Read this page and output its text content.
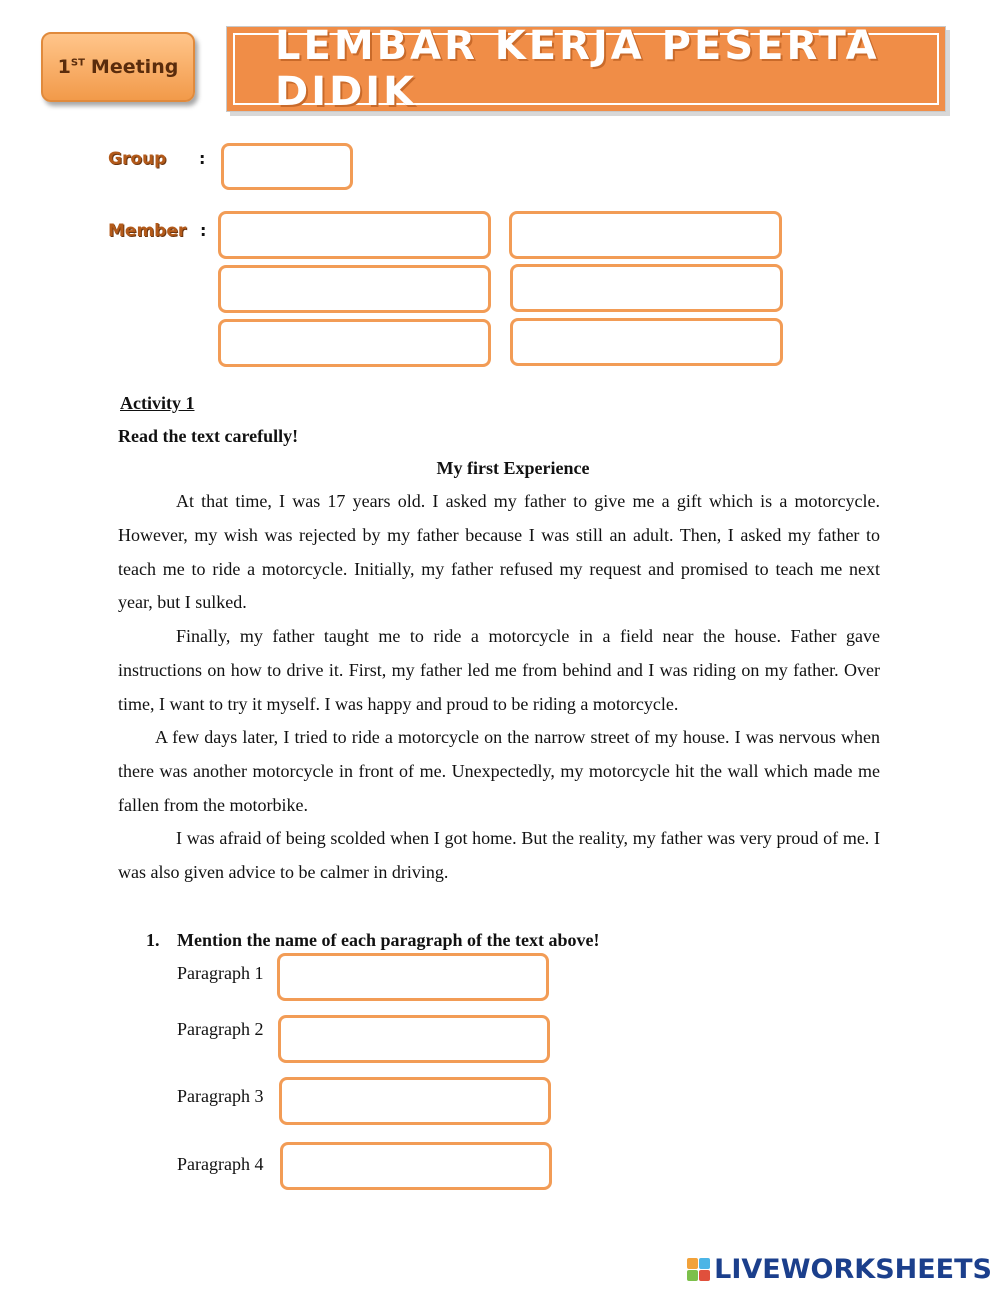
1ST Meeting	LEMBAR KERJA PESERTA DIDIK
Group :
Member :
Activity 1
Read the text carefully!
My first Experience

At that time, I was 17 years old. I asked my father to give me a gift which is a motorcycle. However, my wish was rejected by my father because I was still an adult. Then, I asked my father to teach me to ride a motorcycle. Initially, my father refused my request and promised to teach me next year, but I sulked.

Finally, my father taught me to ride a motorcycle in a field near the house. Father gave instructions on how to drive it. First, my father led me from behind and I was riding on my father. Over time, I want to try it myself. I was happy and proud to be riding a motorcycle.

A few days later, I tried to ride a motorcycle on the narrow street of my house. I was nervous when there was another motorcycle in front of me. Unexpectedly, my motorcycle hit the wall which made me fallen from the motorbike.

I was afraid of being scolded when I got home. But the reality, my father was very proud of me. I was also given advice to be calmer in driving.

1. Mention the name of each paragraph of the text above!
Paragraph 1
Paragraph 2
Paragraph 3
Paragraph 4
LIVEWORKSHEETS
